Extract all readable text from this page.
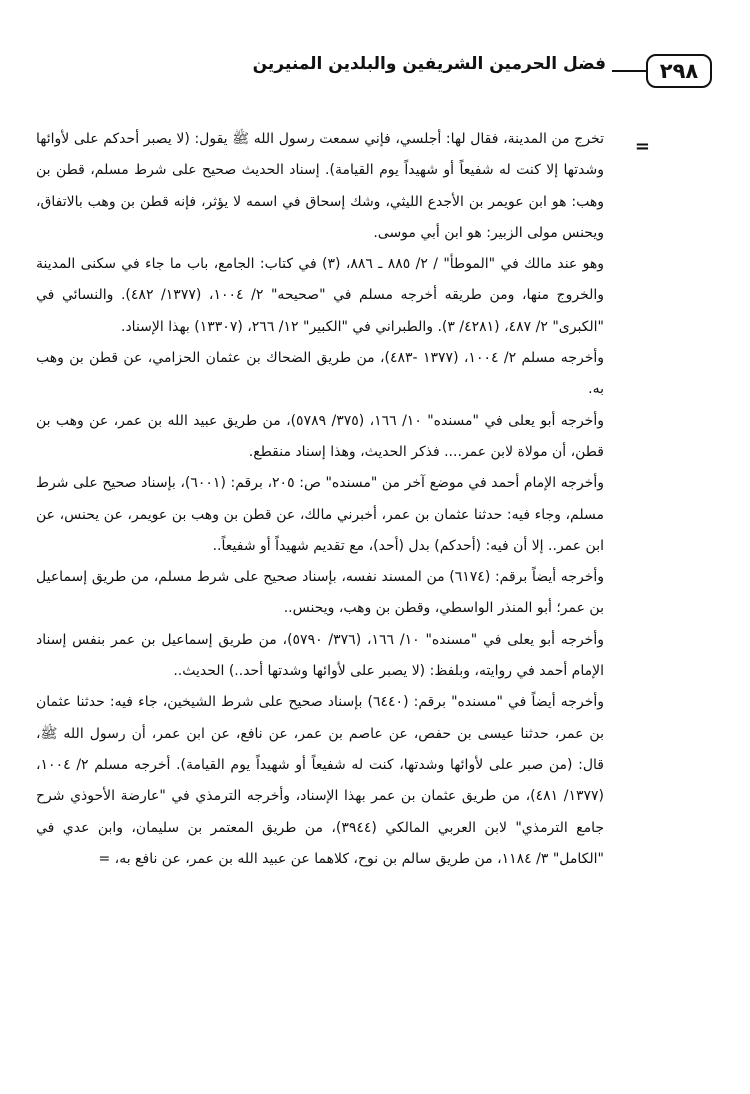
٢٩٨
فضل الحرمين الشريفين والبلدين المنيرين
=

تخرج من المدينة، فقال لها: أجلسي، فإني سمعت رسول الله ﷺ يقول: (لا يصبر أحدكم على لأوائها وشدتها إلا كنت له شفيعاً أو شهيداً يوم القيامة). إسناد الحديث صحيح على شرط مسلم، قطن بن وهب: هو ابن عويمر بن الأجدع الليثي، وشك إسحاق في اسمه لا يؤثر، فإنه قطن بن وهب بالاتفاق، ويحنس مولى الزبير: هو ابن أبي موسى.

وهو عند مالك في "الموطأ" / ٢/ ٨٨٥ ـ ٨٨٦، (٣) في كتاب: الجامع، باب ما جاء في سكنى المدينة والخروج منها، ومن طريقه أخرجه مسلم في "صحيحه" ٢/ ١٠٠٤، (١٣٧٧/ ٤٨٢). والنسائي في "الكبرى" ٢/ ٤٨٧، (٤٢٨١/ ٣). والطبراني في "الكبير" ١٢/ ٢٦٦، (١٣٣٠٧) بهذا الإسناد.

وأخرجه مسلم ٢/ ١٠٠٤، (١٣٧٧ -٤٨٣)، من طريق الضحاك بن عثمان الحزامي، عن قطن بن وهب به.

وأخرجه أبو يعلى في "مسنده" ١٠/ ١٦٦، (٣٧٥/ ٥٧٨٩)، من طريق عبيد الله بن عمر، عن وهب بن قطن، أن مولاة لابن عمر.... فذكر الحديث، وهذا إسناد منقطع.

وأخرجه الإمام أحمد في موضع آخر من "مسنده" ص: ٢٠٥، برقم: (٦٠٠١)، بإسناد صحيح على شرط مسلم، وجاء فيه: حدثنا عثمان بن عمر، أخبرني مالك، عن قطن بن وهب بن عويمر، عن يحنس، عن ابن عمر.. إلا أن فيه: (أحدكم) بدل (أحد)، مع تقديم شهيداً أو شفيعاً..

وأخرجه أيضاً برقم: (٦١٧٤) من المسند نفسه، بإسناد صحيح على شرط مسلم، من طريق إسماعيل بن عمر؛ أبو المنذر الواسطي، وقطن بن وهب، ويحنس..

وأخرجه أبو يعلى في "مسنده" ١٠/ ١٦٦، (٣٧٦/ ٥٧٩٠)، من طريق إسماعيل بن عمر بنفس إسناد الإمام أحمد في روايته، وبلفظ: (لا يصبر على لأوائها وشدتها أحد..) الحديث..

وأخرجه أيضاً في "مسنده" برقم: (٦٤٤٠) بإسناد صحيح على شرط الشيخين، جاء فيه: حدثنا عثمان بن عمر، حدثنا عيسى بن حفص، عن عاصم بن عمر، عن نافع، عن ابن عمر، أن رسول الله ﷺ، قال: (من صبر على لأوائها وشدتها، كنت له شفيعاً أو شهيداً يوم القيامة). أخرجه مسلم ٢/ ١٠٠٤، (١٣٧٧/ ٤٨١)، من طريق عثمان بن عمر بهذا الإسناد، وأخرجه الترمذي في "عارضة الأحوذي شرح جامع الترمذي" لابن العربي المالكي (٣٩٤٤)، من طريق المعتمر بن سليمان، وابن عدي في "الكامل" ٣/ ١١٨٤، من طريق سالم بن نوح، كلاهما عن عبيد الله بن عمر، عن نافع به، =
